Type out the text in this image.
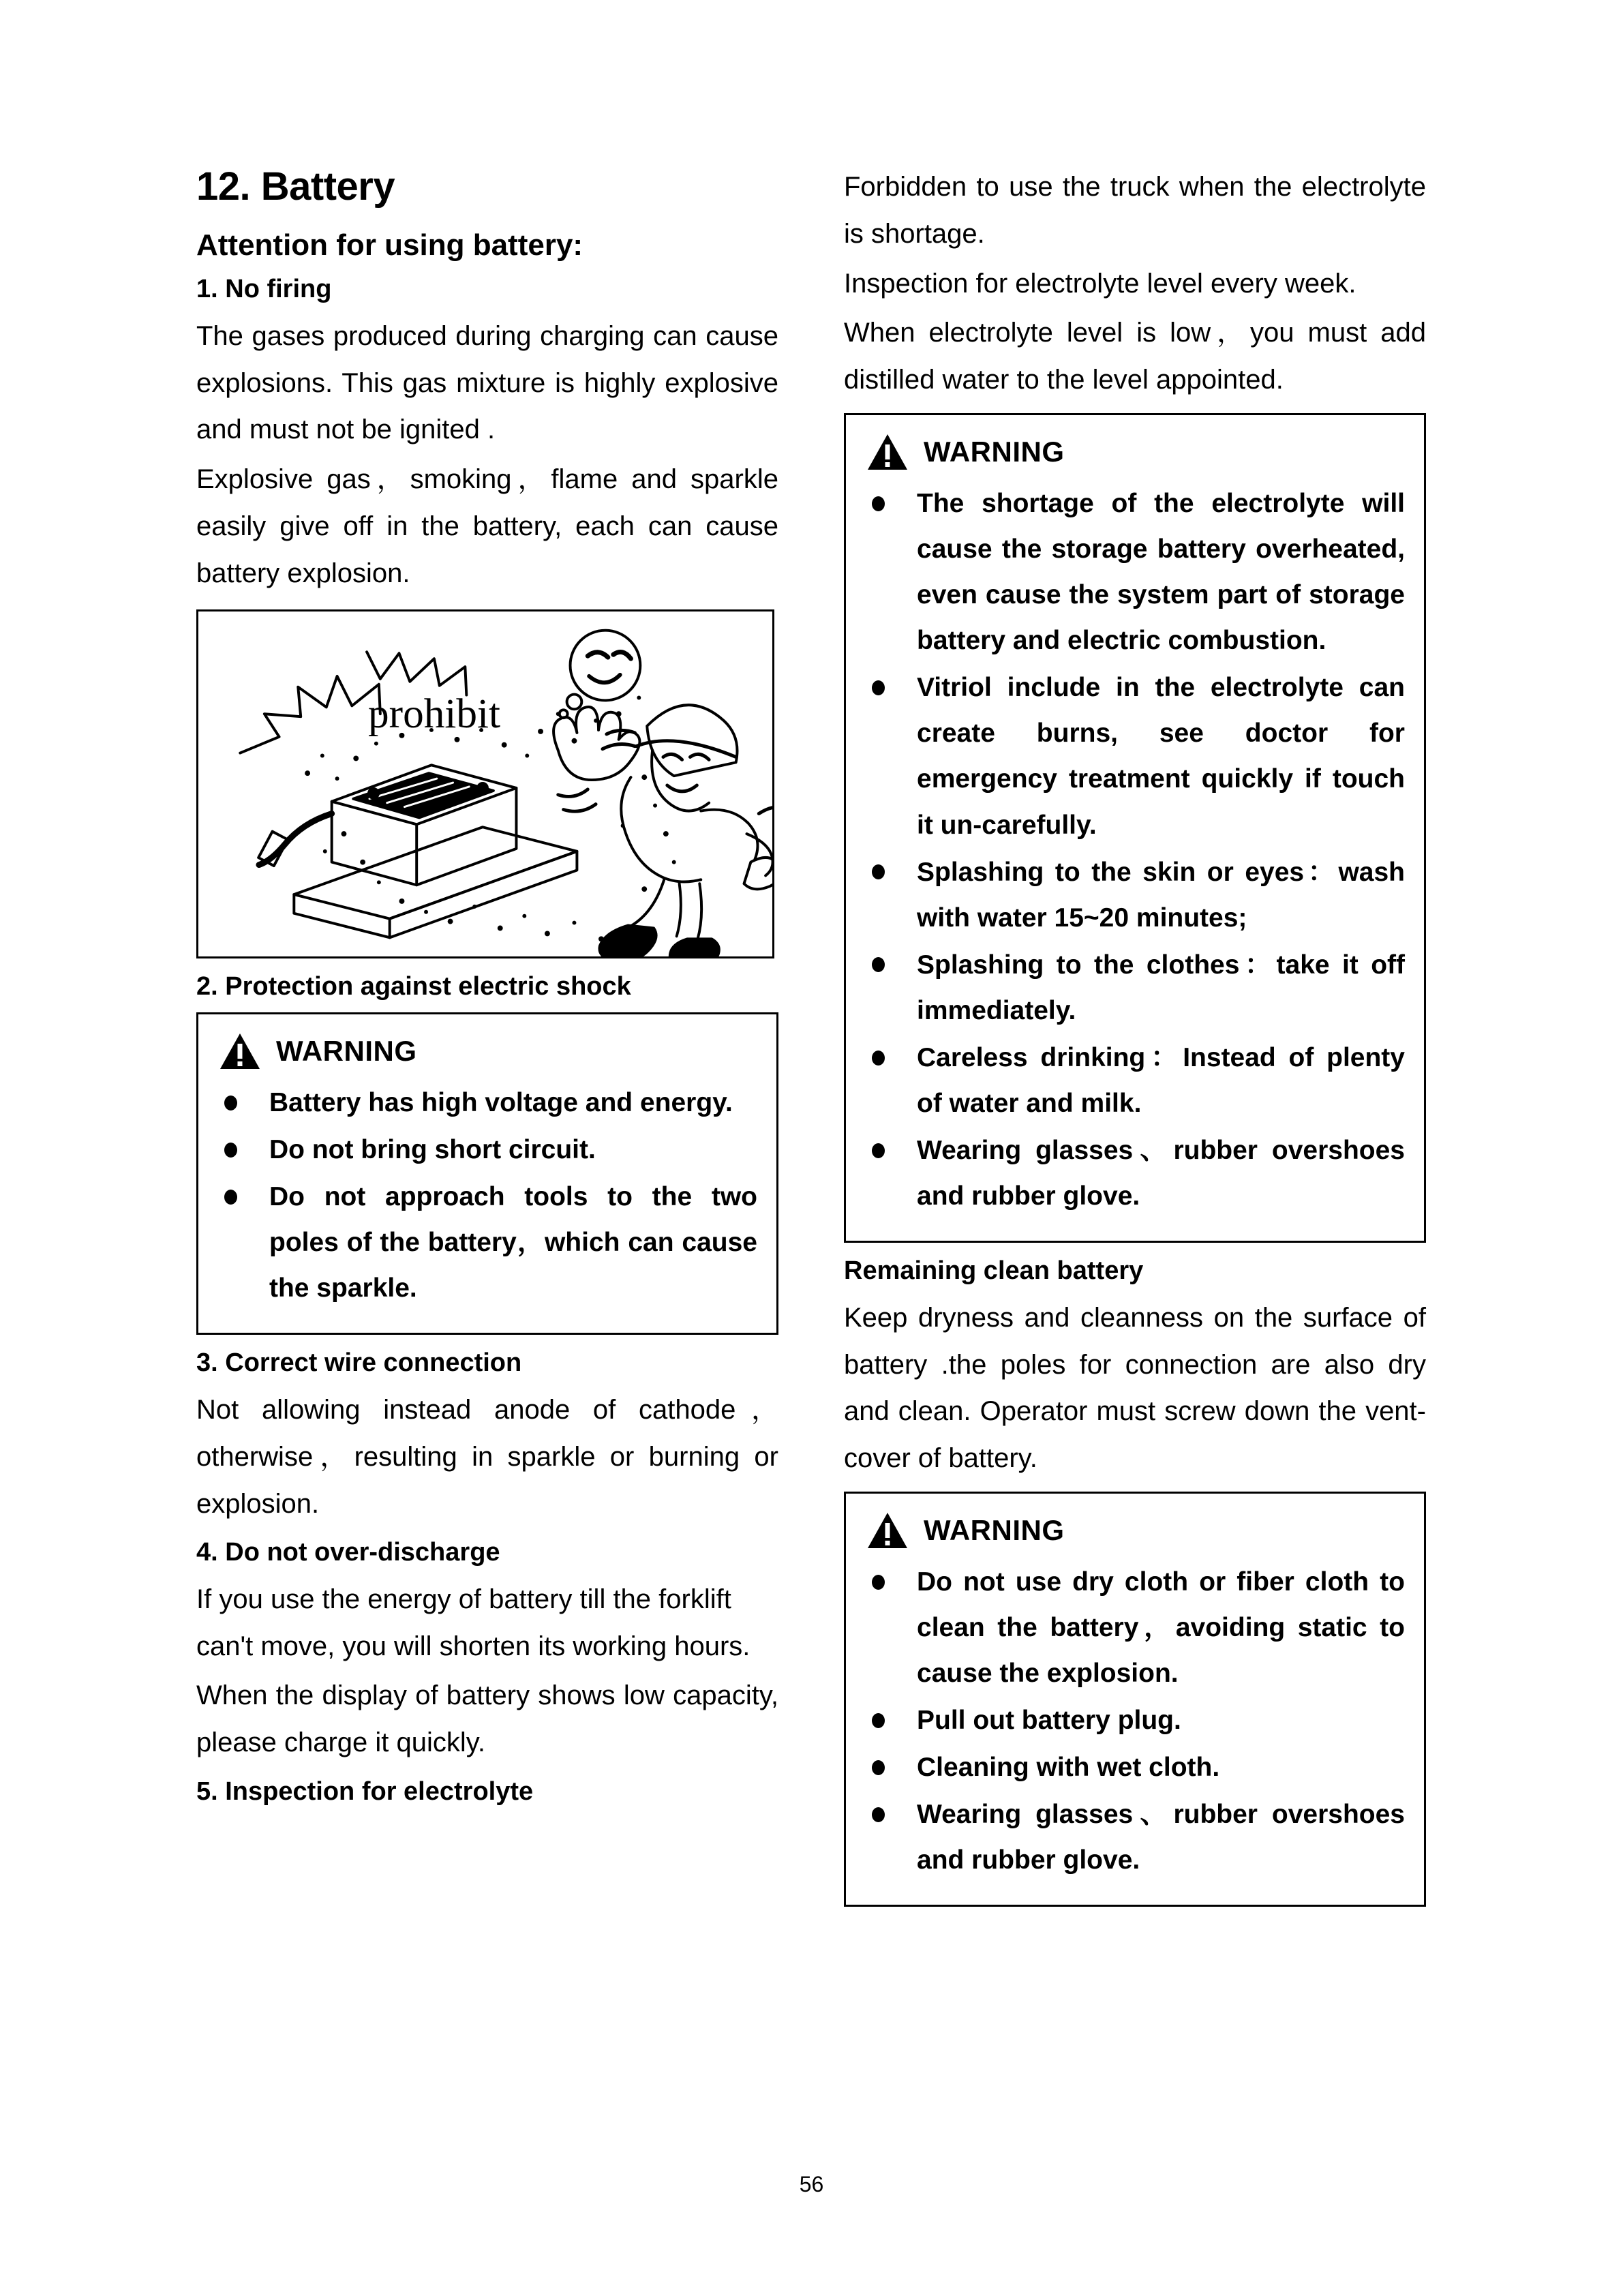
12. Battery
Attention for using battery:
1. No firing

The gases produced during charging can cause explosions. This gas mixture is highly explosive and must not be ignited .

Explosive gas，smoking，flame and sparkle easily give off in the battery, each can cause battery explosion.

prohibit
2. Protection against electric shock
WARNING
Battery has high voltage and energy.
Do not bring short circuit.
Do not approach tools to the two poles of the battery，which can cause the sparkle.
3. Correct wire connection

Not allowing instead anode of cathode，otherwise，resulting in sparkle or burning or explosion.

4. Do not over-discharge

If you use the energy of battery till the forklift can't move, you will shorten its working hours.

When the display of battery shows low capacity, please charge it quickly.

5. Inspection for electrolyte

Forbidden to use the truck when the electrolyte is shortage.

Inspection for electrolyte level every week.

When electrolyte level is low，you must add distilled water to the level appointed.

WARNING
The shortage of the electrolyte will cause the storage battery overheated, even cause the system part of storage battery and electric combustion.
Vitriol include in the electrolyte can create burns, see doctor for emergency treatment quickly if touch it un-carefully.
Splashing to the skin or eyes：wash with water 15~20 minutes;
Splashing to the clothes：take it off immediately.
Careless drinking：Instead of plenty of water and milk.
Wearing glasses、rubber overshoes and rubber glove.
Remaining clean battery

Keep dryness and cleanness on the surface of battery .the poles for connection are also dry and clean. Operator must screw down the vent-cover of battery.

WARNING
Do not use dry cloth or fiber cloth to clean the battery，avoiding static to cause the explosion.
Pull out battery plug.
Cleaning with wet cloth.
Wearing glasses、rubber overshoes and rubber glove.
56
